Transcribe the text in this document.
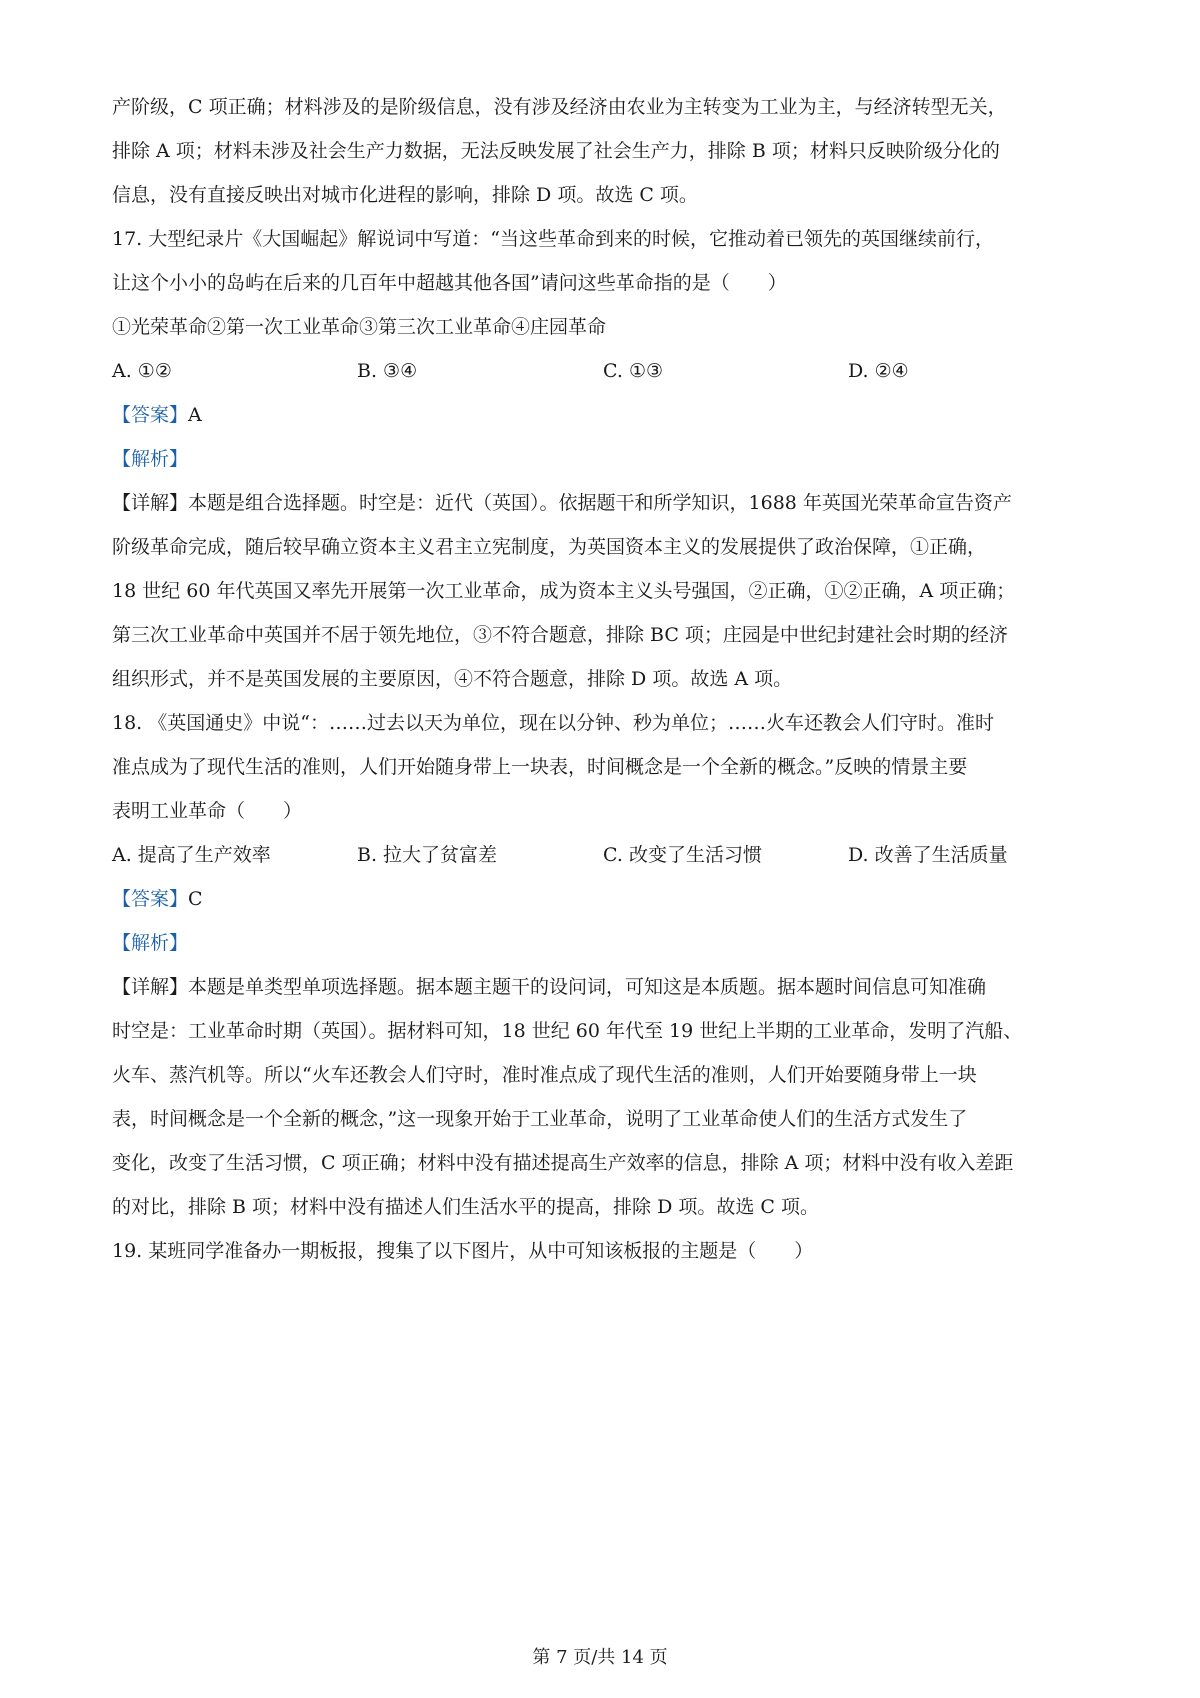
产阶级，C 项正确；材料涉及的是阶级信息，没有涉及经济由农业为主转变为工业为主，与经济转型无关，
排除 A 项；材料未涉及社会生产力数据，无法反映发展了社会生产力，排除 B 项；材料只反映阶级分化的
信息，没有直接反映出对城市化进程的影响，排除 D 项。故选 C 项。
17. 大型纪录片《大国崛起》解说词中写道：“当这些革命到来的时候，它推动着已领先的英国继续前行，
让这个小小的岛屿在后来的几百年中超越其他各国”请问这些革命指的是（　　）
①光荣革命②第一次工业革命③第三次工业革命④庄园革命
A. ①②	B. ③④	C. ①③	D. ②④
【答案】A
【解析】
【详解】本题是组合选择题。时空是：近代（英国）。依据题干和所学知识，1688 年英国光荣革命宣告资产
阶级革命完成，随后较早确立资本主义君主立宪制度，为英国资本主义的发展提供了政治保障，①正确，
18 世纪 60 年代英国又率先开展第一次工业革命，成为资本主义头号强国，②正确，①②正确，A 项正确；
第三次工业革命中英国并不居于领先地位，③不符合题意，排除 BC 项；庄园是中世纪封建社会时期的经济
组织形式，并不是英国发展的主要原因，④不符合题意，排除 D 项。故选 A 项。
18. 《英国通史》中说“：……过去以天为单位，现在以分钟、秒为单位；……火车还教会人们守时。准时
准点成为了现代生活的准则，人们开始随身带上一块表，时间概念是一个全新的概念。”反映的情景主要
表明工业革命（　　）
A. 提高了生产效率	B. 拉大了贫富差	C. 改变了生活习惯	D. 改善了生活质量
【答案】C
【解析】
【详解】本题是单类型单项选择题。据本题主题干的设问词，可知这是本质题。据本题时间信息可知准确
时空是：工业革命时期（英国）。据材料可知，18 世纪 60 年代至 19 世纪上半期的工业革命，发明了汽船、
火车、蒸汽机等。所以“火车还教会人们守时，准时准点成了现代生活的准则，人们开始要随身带上一块
表，时间概念是一个全新的概念，”这一现象开始于工业革命，说明了工业革命使人们的生活方式发生了
变化，改变了生活习惯，C 项正确；材料中没有描述提高生产效率的信息，排除 A 项；材料中没有收入差距
的对比，排除 B 项；材料中没有描述人们生活水平的提高，排除 D 项。故选 C 项。
19. 某班同学准备办一期板报，搜集了以下图片，从中可知该板报的主题是（　　）
第 7 页/共 14 页
